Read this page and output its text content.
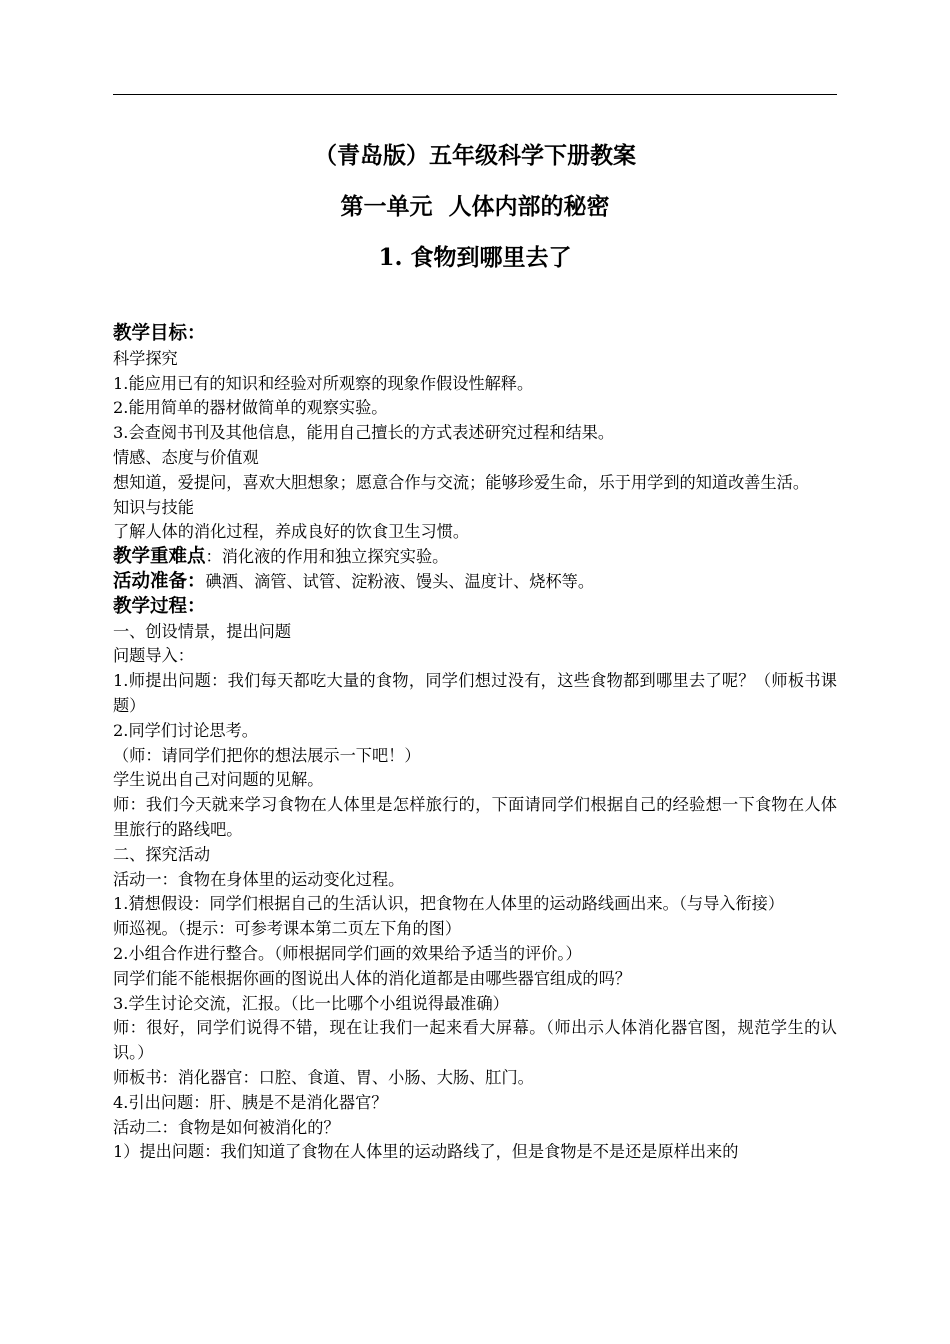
（青岛版）五年级科学下册教案
第一单元  人体内部的秘密
1. 食物到哪里去了

教学目标：

科学探究

1.能应用已有的知识和经验对所观察的现象作假设性解释。

2.能用简单的器材做简单的观察实验。

3.会查阅书刊及其他信息，能用自己擅长的方式表述研究过程和结果。

情感、态度与价值观

想知道，爱提问，喜欢大胆想象；愿意合作与交流；能够珍爱生命，乐于用学到的知道改善生活。

知识与技能

了解人体的消化过程，养成良好的饮食卫生习惯。

教学重难点：消化液的作用和独立探究实验。

活动准备：碘酒、滴管、试管、淀粉液、馒头、温度计、烧杯等。

教学过程：

一、创设情景，提出问题

问题导入：

1.师提出问题：我们每天都吃大量的食物，同学们想过没有，这些食物都到哪里去了呢？（师板书课题）

2.同学们讨论思考。

（师：请同学们把你的想法展示一下吧！）

学生说出自己对问题的见解。

师：我们今天就来学习食物在人体里是怎样旅行的，下面请同学们根据自己的经验想一下食物在人体里旅行的路线吧。

二、探究活动

活动一：食物在身体里的运动变化过程。

1.猜想假设：同学们根据自己的生活认识，把食物在人体里的运动路线画出来。（与导入衔接）

师巡视。（提示：可参考课本第二页左下角的图）

2.小组合作进行整合。（师根据同学们画的效果给予适当的评价。）

同学们能不能根据你画的图说出人体的消化道都是由哪些器官组成的吗？

3.学生讨论交流，汇报。（比一比哪个小组说得最准确）

师：很好，同学们说得不错，现在让我们一起来看大屏幕。（师出示人体消化器官图，规范学生的认识。）

师板书：消化器官：口腔、食道、胃、小肠、大肠、肛门。

4.引出问题：肝、胰是不是消化器官？

活动二：食物是如何被消化的？

1）提出问题：我们知道了食物在人体里的运动路线了，但是食物是不是还是原样出来的
